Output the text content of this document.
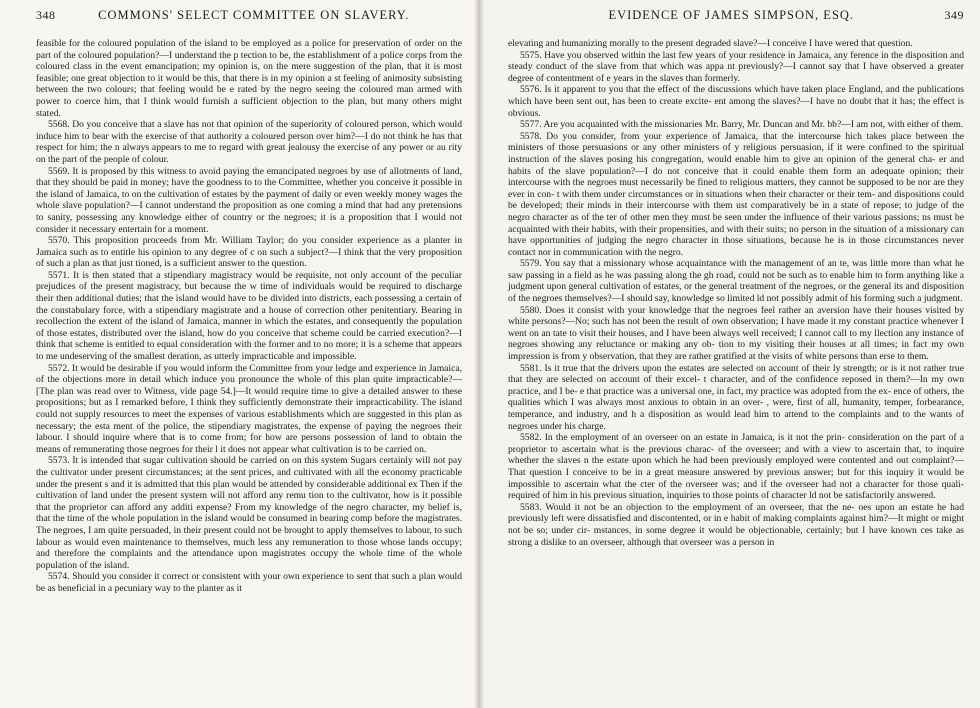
348	COMMONS' SELECT COMMITTEE ON SLAVERY.

feasible for the coloured population of the island to be employed as a police for preservation of order on the part of the coloured population?—I understand the p tection to be, the establishment of a police corps from the coloured class in the event emancipation; my opinion is, on the mere suggestion of the plan, that it is most feasible; one great objection to it would be this, that there is in my opinion a st feeling of animosity subsisting between the two colours; that feeling would be e rated by the negro seeing the coloured man armed with power to coerce him, that I think would furnish a sufficient objection to the plan, but many others might stated.

5568. Do you conceive that a slave has not that opinion of the superiority of coloured person, which would induce him to bear with the exercise of that authority a coloured person over him?—I do not think he has that respect for him; the n always appears to me to regard with great jealousy the exercise of any power or au rity on the part of the people of colour.

5569. It is proposed by this witness to avoid paying the emancipated negroes by use of allotments of land, that they should be paid in money; have the goodness to to the Committee, whether you conceive it possible in the island of Jamaica, to on the cultivation of estates by the payment of daily or even weekly money wages the whole slave population?—I cannot understand the proposition as one coming a mind that had any pretensions to sanity, possessing any knowledge either of country or the negroes; it is a proposition that I would not consider it necessary entertain for a moment.

5570. This proposition proceeds from Mr. William Taylor; do you consider experience as a planter in Jamaica such as to entitle his opinion to any degree of c on such a subject?—I think that the very proposition of such a plan as that just tioned, is a sufficient answer to the question.

5571. It is then stated that a stipendiary magistracy would be requisite, not only account of the peculiar prejudices of the present magistracy, but because the w time of individuals would be required to discharge their then additional duties; that the island would have to be divided into districts, each possessing a certain of the constabulary force, with a stipendiary magistrate and a house of correction other penitentiary. Bearing in recollection the extent of the island of Jamaica, manner in which the estates, and consequently the population of those estates, distributed over the island, how do you conceive that scheme could be carried execution?—I think that scheme is entitled to equal consideration with the former and to no more; it is a scheme that appears to me undeserving of the smallest deration, as utterly impracticable and impossible.

5572. It would be desirable if you would inform the Committee from your ledge and experience in Jamaica, of the objections more in detail which induce you pronounce the whole of this plan quite impracticable?—[The plan was read over to Witness, vide page 54.]—It would require time to give a detailed answer to these propositions; but as I remarked before, I think they sufficiently demonstrate their impracticability. The island could not supply resources to meet the expenses of various establishments which are suggested in this plan as necessary; the esta ment of the police, the stipendiary magistrates, the expense of paying the negroes their labour. I should inquire where that is to come from; for how are persons possession of land to obtain the means of remunerating those negroes for their l it does not appear what cultivation is to be carried on.

5573. It is intended that sugar cultivation should be carried on on this system Sugars certainly will not pay the cultivator under present circumstances; at the sent prices, and cultivated with all the economy practicable under the present s and it is admitted that this plan would be attended by considerable additional ex Then if the cultivation of land under the present system will not afford any remu tion to the cultivator, how is it possible that the proprietor can afford any additi expense? From my knowledge of the negro character, my belief is, that the time of the whole population in the island would be consumed in bearing comp before the magistrates. The negroes, I am quite persuaded, in their present could not be brought to apply themselves to labour, to such labour as would even maintenance to themselves, much less any remuneration to those whose lands occupy; and therefore the complaints and the attendance upon magistrates occupy the whole time of the whole population of the island.

5574. Should you consider it correct or consistent with your own experience to sent that such a plan would be as beneficial in a pecuniary way to the planter as it

EVIDENCE OF JAMES SIMPSON, ESQ.	349

elevating and humanizing morally to the present degraded slave?—I conceive I have wered that question.

5575. Have you observed within the last few years of your residence in Jamaica, any ference in the disposition and steady conduct of the slave from that which was appa nt previously?—I cannot say that I have observed a greater degree of contentment of e years in the slaves than formerly.

5576. Is it apparent to you that the effect of the discussions which have taken place England, and the publications which have been sent out, has been to create excite- ent among the slaves?—I have no doubt that it has; the effect is obvious.

5577. Are you acquainted with the missionaries Mr. Barry, Mr. Duncan and Mr. bb?—I am not, with either of them.

5578. Do you consider, from your experience of Jamaica, that the intercourse hich takes place between the ministers of those persuasions or any other ministers of y religious persuasion, if it were confined to the spiritual instruction of the slaves posing his congregation, would enable him to give an opinion of the general cha- er and habits of the slave population?—I do not conceive that it could enable them form an adequate opinion; their intercourse with the negroes must necessarily be fined to religious matters, they cannot be supposed to be nor are they ever in con- t with them under circumstances or in situations when their character or their tem- and dispositions could be developed; their minds in their intercourse with them ust comparatively be in a state of repose; to judge of the negro character as of the ter of other men they must be seen under the influence of their various passions; ns must be acquainted with their habits, with their propensities, and with their suits; no person in the situation of a missionary can have opportunities of judging the negro character in those situations, because he is in those circumstances never contact nor in communication with the negro.

5579. You say that a missionary whose acquaintance with the management of an te, was little more than what he saw passing in a field as he was passing along the gh road, could not be such as to enable him to form anything like a judgment upon general cultivation of estates, or the general treatment of the negroes, or the general its and disposition of the negroes themselves?—I should say, knowledge so limited ld not possibly admit of his forming such a judgment.

5580. Does it consist with your knowledge that the negroes feel rather an aversion have their houses visited by white persons?—No; such has not been the result of own observation; I have made it my constant practice whenever I went on an tate to visit their houses, and I have been always well received; I cannot call to my llection any instance of negroes showing any reluctance or making any ob- tion to my visiting their houses at all times; in fact my own impression is from y observation, that they are rather gratified at the visits of white persons than erse to them.

5581. Is it true that the drivers upon the estates are selected on account of their ly strength; or is it not rather true that they are selected on account of their excel- t character, and of the confidence reposed in them?—In my own practice, and I be- e that practice was a universal one, in fact, my practice was adopted from the ex- ence of others, the qualities which I was always most anxious to obtain in an over- , were, first of all, humanity, temper, forbearance, temperance, and industry, and h a disposition as would lead him to attend to the complaints and to the wants of negroes under his charge.

5582. In the employment of an overseer on an estate in Jamaica, is it not the prin- consideration on the part of a proprietor to ascertain what is the previous charac- of the overseer; and with a view to ascertain that, to inquire whether the slaves n the estate upon which he had been previously employed were contented and out complaint?—That question I conceive to be in a great measure answered by previous answer; but for this inquiry it would be impossible to ascertain what the cter of the overseer was; and if the overseer had not a character for those quali- required of him in his previous situation, inquiries to those points of character ld not be satisfactorily answered.

5583. Would it not be an objection to the employment of an overseer, that the ne- oes upon an estate he had previously left were dissatisfied and discontented, or in e habit of making complaints against him?—It might or might not be so; under cir- mstances, in some degree it would be objectionable, certainly; but I have known ces take as strong a dislike to an overseer, although that overseer was a person in
